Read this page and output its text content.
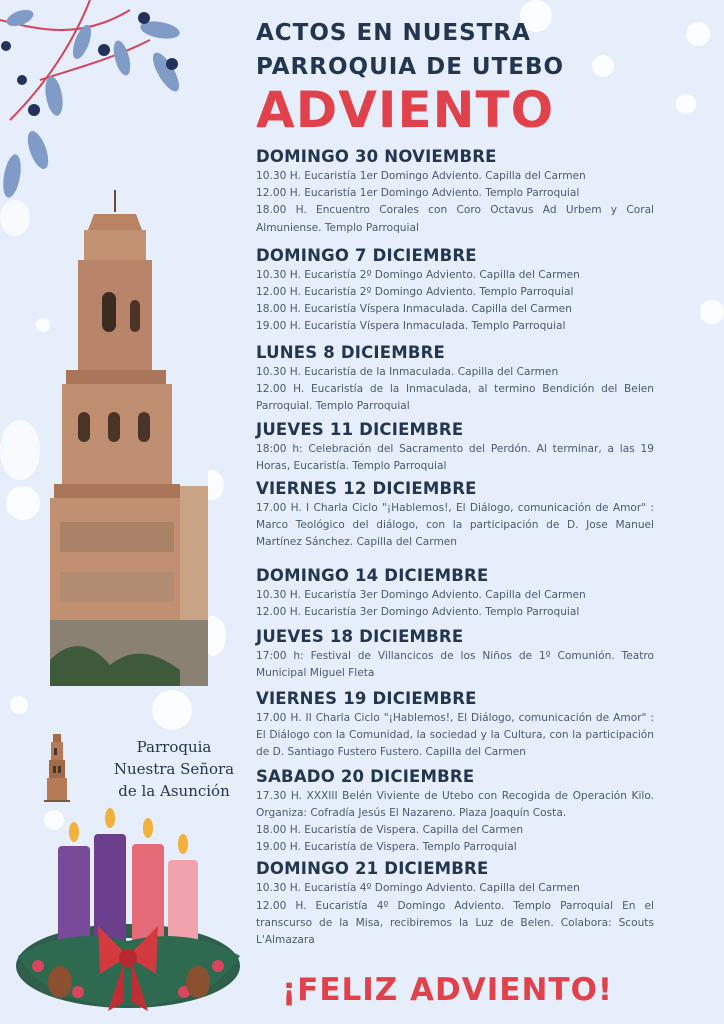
ACTOS EN NUESTRA

PARROQUIA DE UTEBO

ADVIENTO
DOMINGO 30 NOVIEMBRE
10.30 H. Eucaristía 1er Domingo Adviento. Capilla del Carmen
12.00 H. Eucaristía 1er Domingo Adviento. Templo Parroquial
18.00 H. Encuentro Corales con Coro Octavus Ad Urbem y Coral Almuniense. Templo Parroquial
DOMINGO 7 DICIEMBRE
10.30 H. Eucaristía 2º Domingo Adviento. Capilla del Carmen
12.00 H. Eucaristía 2º Domingo Adviento. Templo Parroquial
18.00 H. Eucaristía Víspera Inmaculada. Capilla del Carmen
19.00 H. Eucaristía Víspera Inmaculada. Templo Parroquial
LUNES 8 DICIEMBRE
10.30 H. Eucaristía de la Inmaculada. Capilla del Carmen
12.00 H. Eucaristía de la Inmaculada, al termino Bendición del Belen Parroquial. Templo Parroquial
JUEVES 11 DICIEMBRE
18:00 h: Celebración del Sacramento del Perdón. Al terminar, a las 19 Horas, Eucaristía. Templo Parroquial
VIERNES 12 DICIEMBRE
17.00 H. I Charla Ciclo "¡Hablemos!, El Diálogo, comunicación de Amor" : Marco Teológico del diálogo, con la participación de D. Jose Manuel Martínez Sánchez. Capilla del Carmen
DOMINGO 14 DICIEMBRE
10.30 H. Eucaristía 3er Domingo Adviento. Capilla del Carmen
12.00 H. Eucaristía 3er Domingo Adviento. Templo Parroquial
JUEVES 18 DICIEMBRE
17:00 h: Festival de Villancicos de los Niños de 1º Comunión. Teatro Municipal Miguel Fleta
VIERNES 19 DICIEMBRE
17.00 H. II Charla Ciclo "¡Hablemos!, El Diálogo, comunicación de Amor" : El Diálogo con la Comunidad, la sociedad y la Cultura, con la participación de D. Santiago Fustero Fustero. Capilla del Carmen
SABADO 20 DICIEMBRE
17.30 H. XXXIII Belén Viviente de Utebo con Recogida de Operación Kilo. Organiza: Cofradía Jesús El Nazareno. Plaza Joaquín Costa.
18.00 H. Eucaristía de Vispera. Capilla del Carmen
19.00 H. Eucaristía de Vispera. Templo Parroquial
DOMINGO 21 DICIEMBRE
10.30 H. Eucaristía 4º Domingo Adviento. Capilla del Carmen
12.00 H. Eucaristía 4º Domingo Adviento. Templo Parroquial En el transcurso de la Misa, recibiremos la Luz de Belen. Colabora: Scouts L'Almazara
Parroquia
Nuestra Señora
de la Asunción
¡FELIZ ADVIENTO!
